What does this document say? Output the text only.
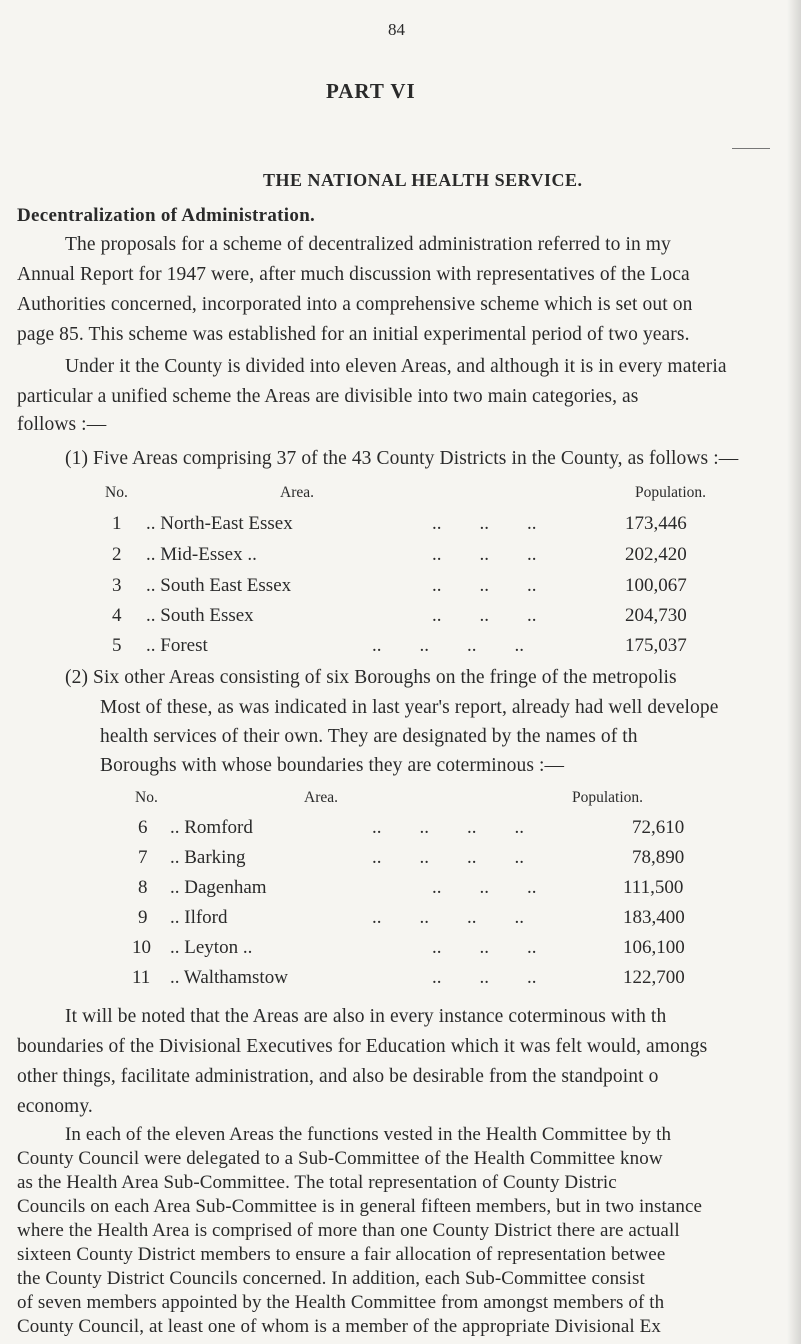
84
PART VI
THE NATIONAL HEALTH SERVICE.
Decentralization of Administration.
The proposals for a scheme of decentralized administration referred to in my
Annual Report for 1947 were, after much discussion with representatives of the Loca
Authorities concerned, incorporated into a comprehensive scheme which is set out on
page 85. This scheme was established for an initial experimental period of two years.
Under it the County is divided into eleven Areas, and although it is in every materia
particular a unified scheme the Areas are divisible into two main categories, as
follows :—
(1) Five Areas comprising 37 of the 43 County Districts in the County, as follows :—
No.	Area.	Population.
1 .. North-East Essex	..        ..        ..	173,446
2 .. Mid-Essex ..	..        ..        ..	202,420
3 .. South East Essex	..        ..        ..	100,067
4 .. South Essex	..        ..        ..	204,730
5 .. Forest	..        ..        ..        ..	175,037
(2) Six other Areas consisting of six Boroughs on the fringe of the metropolis
Most of these, as was indicated in last year's report, already had well develope
health services of their own. They are designated by the names of th
Boroughs with whose boundaries they are coterminous :—
No.	Area.	Population.
6 .. Romford	..        ..        ..        ..	72,610
7 .. Barking	..        ..        ..        ..	78,890
8 .. Dagenham	..        ..        ..	111,500
9 .. Ilford	..        ..        ..        ..	183,400
10 .. Leyton ..	..        ..        ..	106,100
11 .. Walthamstow	..        ..        ..	122,700
It will be noted that the Areas are also in every instance coterminous with th
boundaries of the Divisional Executives for Education which it was felt would, amongs
other things, facilitate administration, and also be desirable from the standpoint o
economy.
In each of the eleven Areas the functions vested in the Health Committee by th
County Council were delegated to a Sub-Committee of the Health Committee know
as the Health Area Sub-Committee. The total representation of County Distric
Councils on each Area Sub-Committee is in general fifteen members, but in two instance
where the Health Area is comprised of more than one County District there are actuall
sixteen County District members to ensure a fair allocation of representation betwee
the County District Councils concerned. In addition, each Sub-Committee consist
of seven members appointed by the Health Committee from amongst members of th
County Council, at least one of whom is a member of the appropriate Divisional Ex
